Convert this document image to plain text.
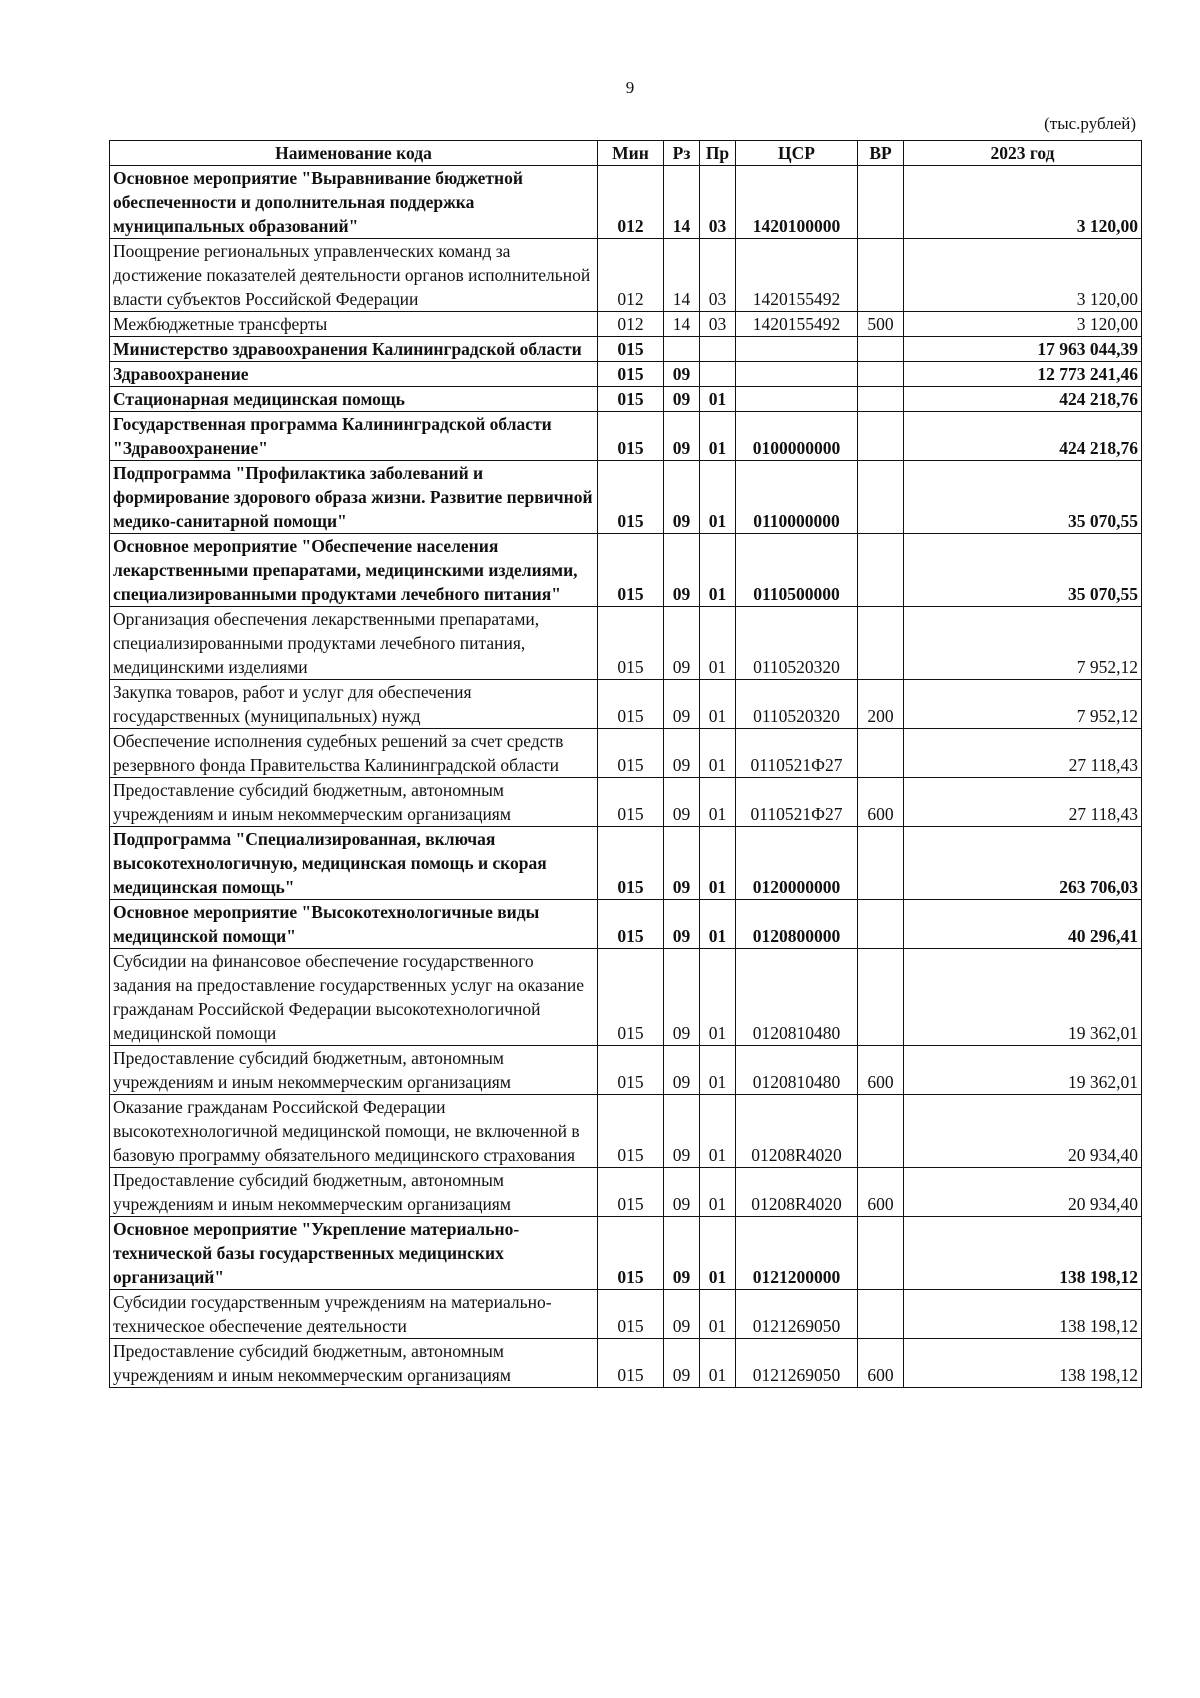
9
(тыс.рублей)
Наименование кода	Мин	Рз	Пр	ЦСР	ВР	2023 год
Основное мероприятие "Выравнивание бюджетной обеспеченности и дополнительная поддержка муниципальных образований"	012	14	03	1420100000		3 120,00
Поощрение региональных управленческих команд за достижение показателей деятельности органов исполнительной власти субъектов Российской Федерации	012	14	03	1420155492		3 120,00
Межбюджетные трансферты	012	14	03	1420155492	500	3 120,00
Министерство здравоохранения Калининградской области	015					17 963 044,39
Здравоохранение	015	09				12 773 241,46
Стационарная медицинская помощь	015	09	01			424 218,76
Государственная программа Калининградской области "Здравоохранение"	015	09	01	0100000000		424 218,76
Подпрограмма "Профилактика заболеваний и формирование здорового образа жизни. Развитие первичной медико-санитарной помощи"	015	09	01	0110000000		35 070,55
Основное мероприятие "Обеспечение населения лекарственными препаратами, медицинскими изделиями, специализированными продуктами лечебного питания"	015	09	01	0110500000		35 070,55
Организация обеспечения лекарственными препаратами, специализированными продуктами лечебного питания, медицинскими изделиями	015	09	01	0110520320		7 952,12
Закупка товаров, работ и услуг для обеспечения государственных (муниципальных) нужд	015	09	01	0110520320	200	7 952,12
Обеспечение исполнения судебных решений за счет средств резервного фонда Правительства Калининградской области	015	09	01	0110521Ф27		27 118,43
Предоставление субсидий бюджетным, автономным учреждениям и иным некоммерческим организациям	015	09	01	0110521Ф27	600	27 118,43
Подпрограмма "Специализированная, включая высокотехнологичную, медицинская помощь и скорая медицинская помощь"	015	09	01	0120000000		263 706,03
Основное мероприятие "Высокотехнологичные виды медицинской помощи"	015	09	01	0120800000		40 296,41
Субсидии на финансовое обеспечение государственного задания на предоставление государственных услуг на оказание гражданам Российской Федерации высокотехнологичной медицинской помощи	015	09	01	0120810480		19 362,01
Предоставление субсидий бюджетным, автономным учреждениям и иным некоммерческим организациям	015	09	01	0120810480	600	19 362,01
Оказание гражданам Российской Федерации высокотехнологичной медицинской помощи, не включенной в базовую программу обязательного медицинского страхования	015	09	01	01208R4020		20 934,40
Предоставление субсидий бюджетным, автономным учреждениям и иным некоммерческим организациям	015	09	01	01208R4020	600	20 934,40
Основное мероприятие "Укрепление материально-технической базы государственных медицинских организаций"	015	09	01	0121200000		138 198,12
Субсидии государственным учреждениям на материально-техническое обеспечение деятельности	015	09	01	0121269050		138 198,12
Предоставление субсидий бюджетным, автономным учреждениям и иным некоммерческим организациям	015	09	01	0121269050	600	138 198,12
